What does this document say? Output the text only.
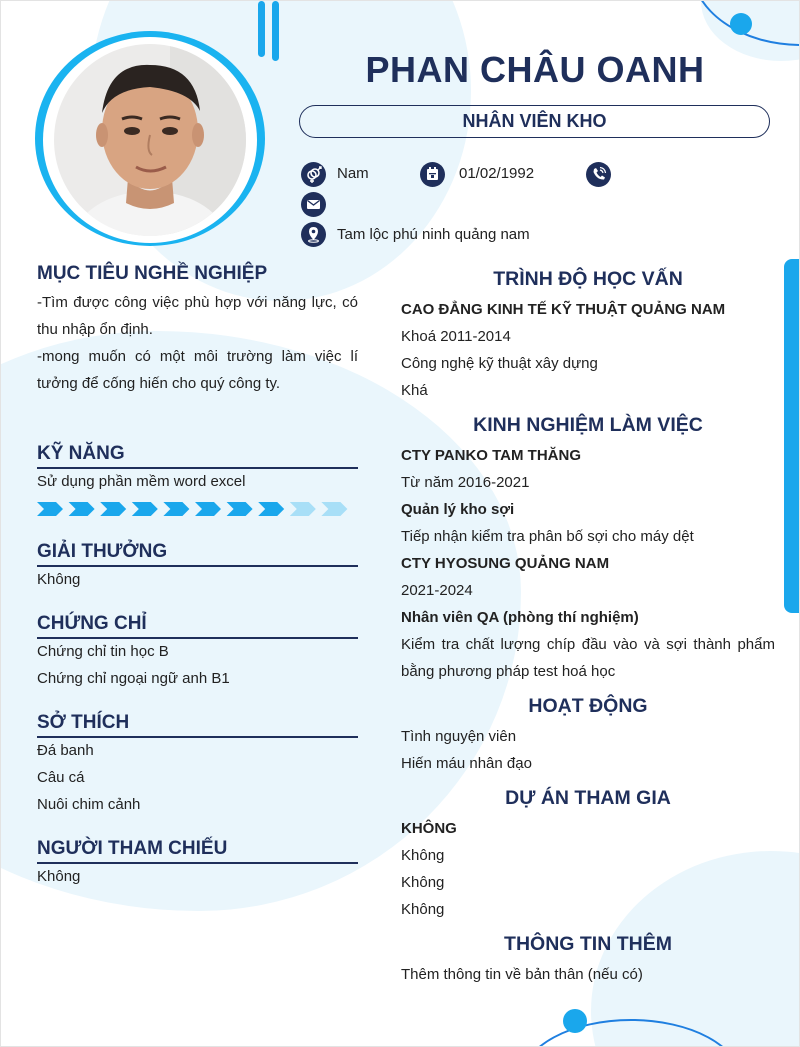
PHAN CHÂU OANH
NHÂN VIÊN KHO
Nam	01/02/1992
Tam lộc phú ninh quảng nam
MỤC TIÊU NGHỀ NGHIỆP
-Tìm được công việc phù hợp với năng lực, có
thu nhập ổn định.
-mong muốn có một môi trường làm việc lí
tưởng để cống hiến cho quý công ty.
KỸ NĂNG
Sử dụng phần mềm word excel
GIẢI THƯỞNG
Không
CHỨNG CHỈ
Chứng chỉ tin học B
Chứng chỉ ngoại ngữ anh B1
SỞ THÍCH
Đá banh
Câu cá
Nuôi chim cảnh
NGƯỜI THAM CHIẾU
Không
TRÌNH ĐỘ HỌC VẤN
CAO ĐẲNG KINH TẾ KỸ THUẬT QUẢNG NAM
Khoá 2011-2014
Công nghệ kỹ thuật xây dựng
Khá
KINH NGHIỆM LÀM VIỆC
CTY PANKO TAM THĂNG
Từ năm 2016-2021
Quản lý kho sợi
Tiếp nhận kiểm tra phân bố sợi cho máy dệt
CTY HYOSUNG QUẢNG NAM
2021-2024
Nhân viên QA (phòng thí nghiệm)
Kiểm tra chất lượng chíp đầu vào và sợi thành phẩm
bằng phương pháp test hoá học
HOẠT ĐỘNG
Tình nguyện viên
Hiến máu nhân đạo
DỰ ÁN THAM GIA
KHÔNG
Không
Không
Không
THÔNG TIN THÊM
Thêm thông tin về bản thân (nếu có)
